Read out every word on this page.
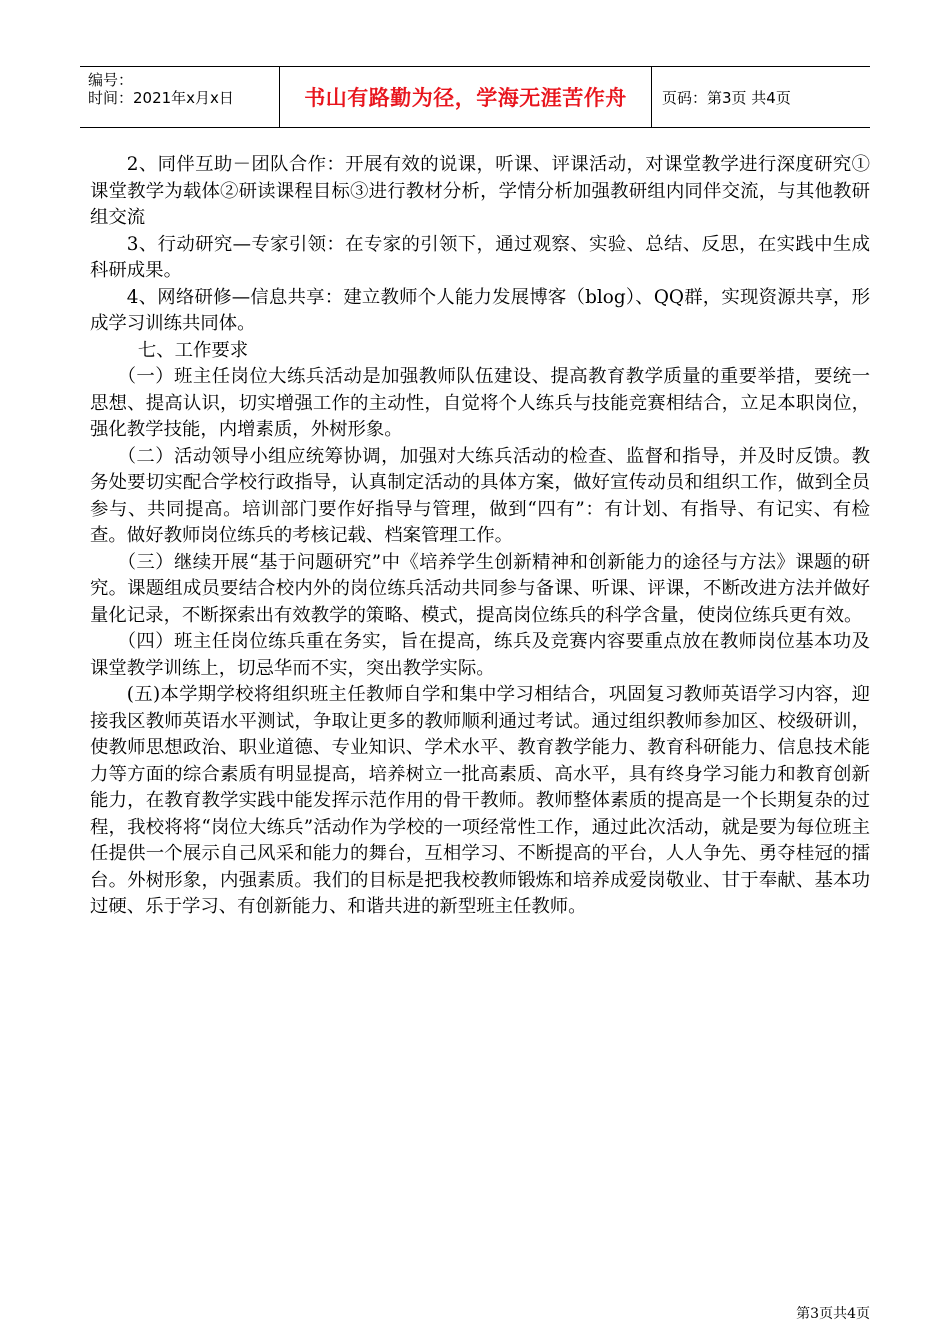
编号：
时间：2021年x月x日	书山有路勤为径，学海无涯苦作舟	页码：第3页 共4页

2、同伴互助－团队合作：开展有效的说课，听课、评课活动，对课堂教学进行深度研究①课堂教学为载体②研读课程目标③进行教材分析，学情分析加强教研组内同伴交流，与其他教研组交流

3、行动研究—专家引领：在专家的引领下，通过观察、实验、总结、反思，在实践中生成科研成果。

4、网络研修—信息共享：建立教师个人能力发展博客（blog）、QQ群，实现资源共享，形成学习训练共同体。

七、工作要求

（一）班主任岗位大练兵活动是加强教师队伍建设、提高教育教学质量的重要举措，要统一思想、提高认识，切实增强工作的主动性，自觉将个人练兵与技能竞赛相结合，立足本职岗位，强化教学技能，内增素质，外树形象。

（二）活动领导小组应统筹协调，加强对大练兵活动的检查、监督和指导，并及时反馈。教务处要切实配合学校行政指导，认真制定活动的具体方案，做好宣传动员和组织工作，做到全员参与、共同提高。培训部门要作好指导与管理，做到“四有”：有计划、有指导、有记实、有检查。做好教师岗位练兵的考核记载、档案管理工作。

（三）继续开展“基于问题研究”中《培养学生创新精神和创新能力的途径与方法》课题的研究。课题组成员要结合校内外的岗位练兵活动共同参与备课、听课、评课，不断改进方法并做好量化记录，不断探索出有效教学的策略、模式，提高岗位练兵的科学含量，使岗位练兵更有效。

（四）班主任岗位练兵重在务实，旨在提高，练兵及竞赛内容要重点放在教师岗位基本功及课堂教学训练上，切忌华而不实，突出教学实际。

(五)本学期学校将组织班主任教师自学和集中学习相结合，巩固复习教师英语学习内容，迎接我区教师英语水平测试，争取让更多的教师顺利通过考试。通过组织教师参加区、校级研训，使教师思想政治、职业道德、专业知识、学术水平、教育教学能力、教育科研能力、信息技术能力等方面的综合素质有明显提高，培养树立一批高素质、高水平，具有终身学习能力和教育创新能力，在教育教学实践中能发挥示范作用的骨干教师。教师整体素质的提高是一个长期复杂的过程，我校将将“岗位大练兵”活动作为学校的一项经常性工作，通过此次活动，就是要为每位班主任提供一个展示自己风采和能力的舞台，互相学习、不断提高的平台，人人争先、勇夺桂冠的擂台。外树形象，内强素质。我们的目标是把我校教师锻炼和培养成爱岗敬业、甘于奉献、基本功过硬、乐于学习、有创新能力、和谐共进的新型班主任教师。

第3页共4页
